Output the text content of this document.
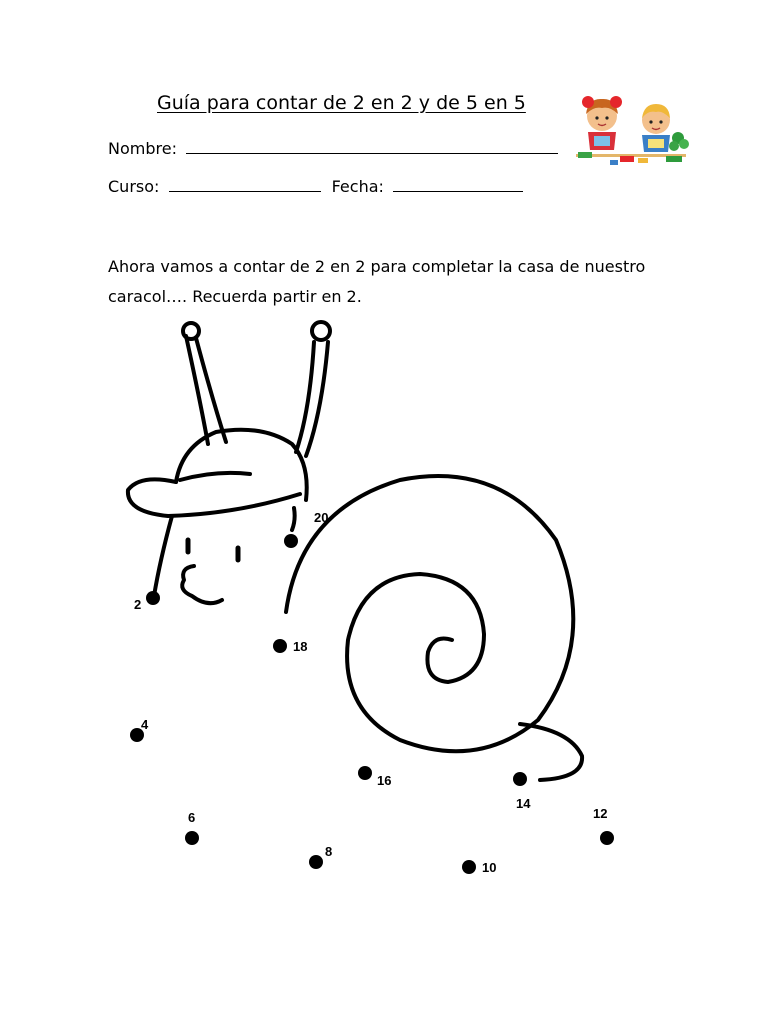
Guía para contar de 2 en 2 y de 5 en 5
Nombre:
Curso:	Fecha:
Ahora vamos a contar de 2 en 2 para completar la casa de nuestro caracol…. Recuerda partir en 2.
2
4
6
8
10
12
14
16
18
20
